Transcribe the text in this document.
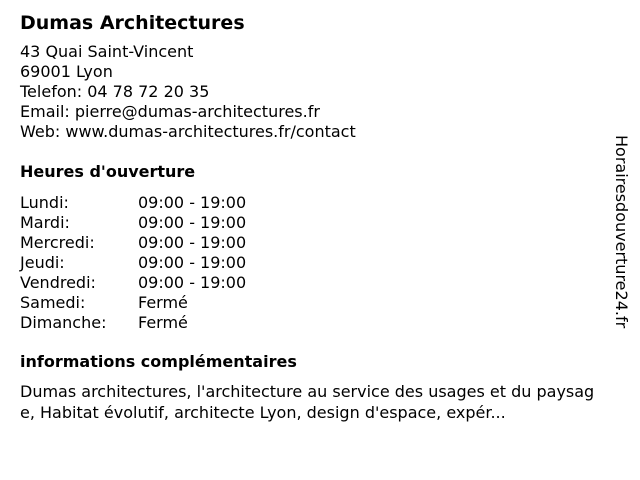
Dumas Architectures
43 Quai Saint-Vincent
69001 Lyon
Telefon: 04 78 72 20 35
Email: pierre@dumas-architectures.fr
Web: www.dumas-architectures.fr/contact
Heures d'ouverture
Lundi:	09:00 - 19:00
Mardi:	09:00 - 19:00
Mercredi:	09:00 - 19:00
Jeudi:	09:00 - 19:00
Vendredi:	09:00 - 19:00
Samedi:	Fermé
Dimanche:	Fermé
informations complémentaires
Dumas architectures, l'architecture au service des usages et du paysage, Habitat évolutif, architecte Lyon, design d'espace, expér...
Horairesdouverture24.fr
